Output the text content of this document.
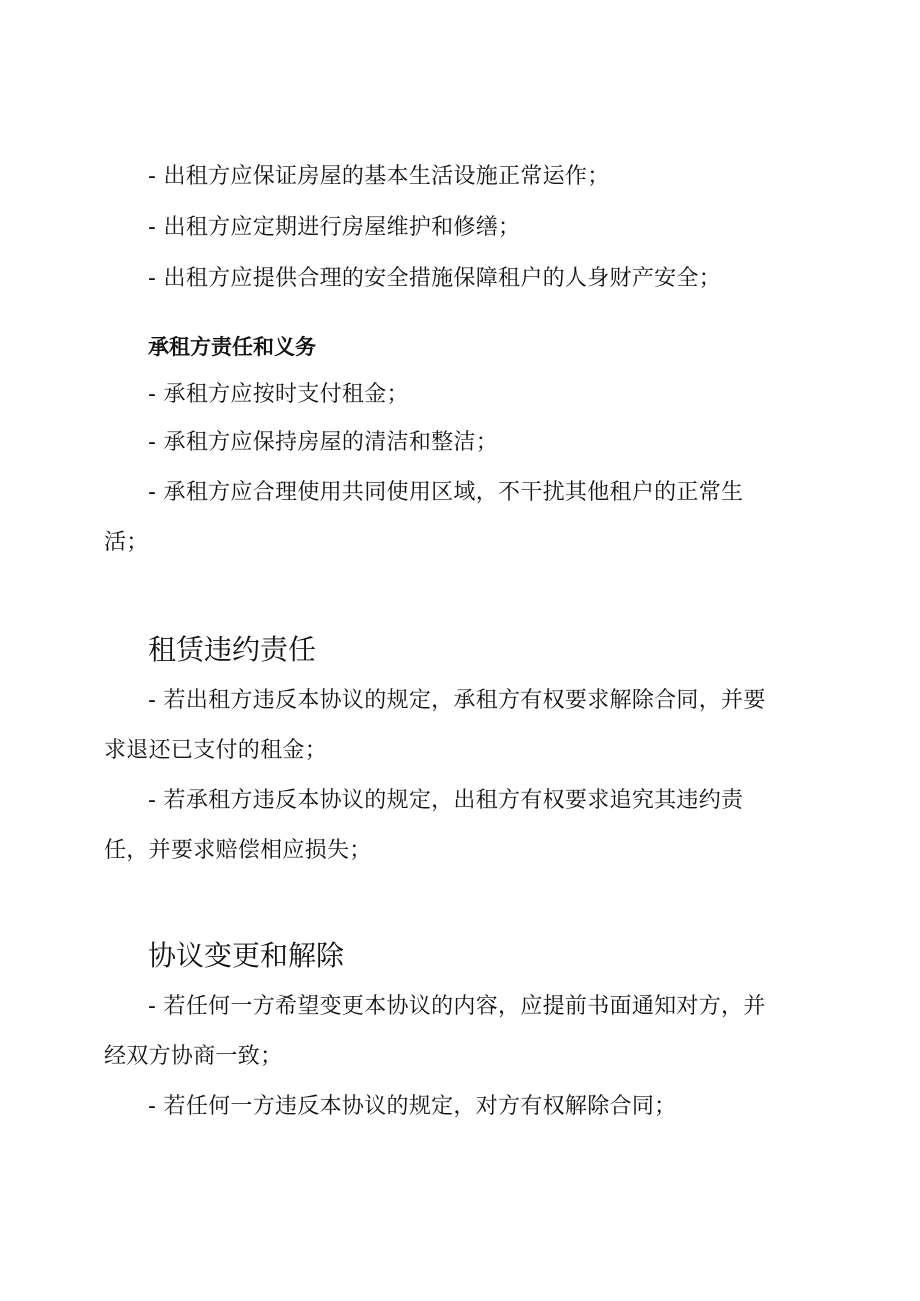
- 出租方应保证房屋的基本生活设施正常运作；
- 出租方应定期进行房屋维护和修缮；
- 出租方应提供合理的安全措施保障租户的人身财产安全；
承租方责任和义务
- 承租方应按时支付租金；
- 承租方应保持房屋的清洁和整洁；
- 承租方应合理使用共同使用区域，不干扰其他租户的正常生
活；
租赁违约责任
- 若出租方违反本协议的规定，承租方有权要求解除合同，并要
求退还已支付的租金；
- 若承租方违反本协议的规定，出租方有权要求追究其违约责
任，并要求赔偿相应损失；
协议变更和解除
- 若任何一方希望变更本协议的内容，应提前书面通知对方，并
经双方协商一致；
- 若任何一方违反本协议的规定，对方有权解除合同；
